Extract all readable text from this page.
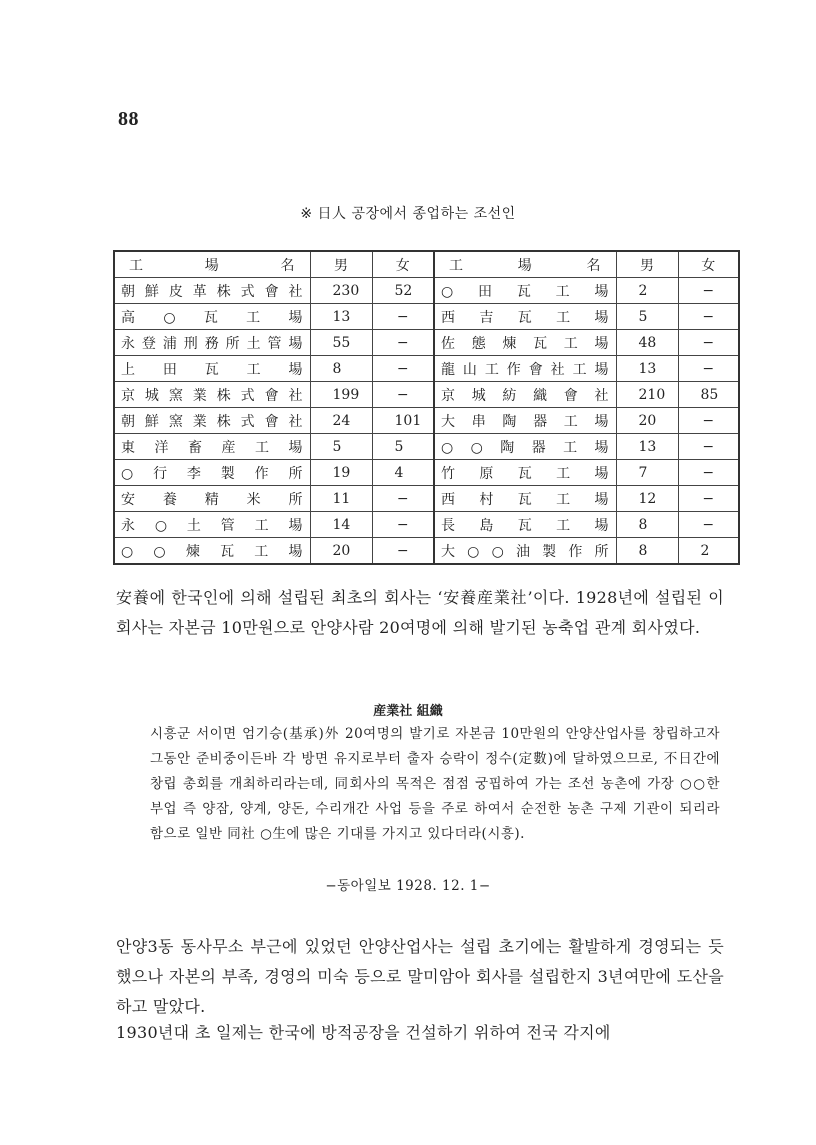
88
※ 日人 공장에서 종업하는 조선인
工 場 名	男	女	工 場 名	男	女
朝鮮皮革株式會社	230	52	○ 田 瓦 工 場	2	−
高 ○ 瓦 工 場	13	−	西 吉 瓦 工 場	5	−
永登浦刑務所土管場	55	−	佐 態 煉 瓦 工 場	48	−
上 田 瓦 工 場	8	−	龍山工作會社工場	13	−
京城窯業株式會社	199	−	京 城 紡 織 會 社	210	85
朝鮮窯業株式會社	24	101	大 串 陶 器 工 場	20	−
東 洋 畜 産 工 場	5	5	○ ○ 陶 器 工 場	13	−
○ 行 李 製 作 所	19	4	竹 原 瓦 工 場	7	−
安 養 精 米 所	11	−	西 村 瓦 工 場	12	−
永 ○ 土 管 工 場	14	−	長 島 瓦 工 場	8	−
○ ○ 煉 瓦 工 場	20	−	大 ○ ○ 油 製 作 所	8	2

安養에 한국인에 의해 설립된 최초의 회사는 ‘安養産業社’이다. 1928년에 설립된 이 회사는 자본금 10만원으로 안양사람 20여명에 의해 발기된 농축업 관계 회사였다.

産業社 組織

시흥군 서이면 엄기승(基承)外 20여명의 발기로 자본금 10만원의 안양산업사를 창립하고자 그동안 준비중이든바 각 방면 유지로부터 출자 승락이 정수(定數)에 달하였으므로, 不日간에 창립 총회를 개최하리라는데, 同회사의 목적은 점점 궁핍하여 가는 조선 농촌에 가장 ○○한 부업 즉 양잠, 양계, 양돈, 수리개간 사업 등을 주로 하여서 순전한 농촌 구제 기관이 되리라 함으로 일반 同社 ○生에 많은 기대를 가지고 있다더라(시흥).

−동아일보 1928. 12. 1−

안양3동 동사무소 부근에 있었던 안양산업사는 설립 초기에는 활발하게 경영되는 듯 했으나 자본의 부족, 경영의 미숙 등으로 말미암아 회사를 설립한지 3년여만에 도산을 하고 말았다.

1930년대 초 일제는 한국에 방적공장을 건설하기 위하여 전국 각지에
